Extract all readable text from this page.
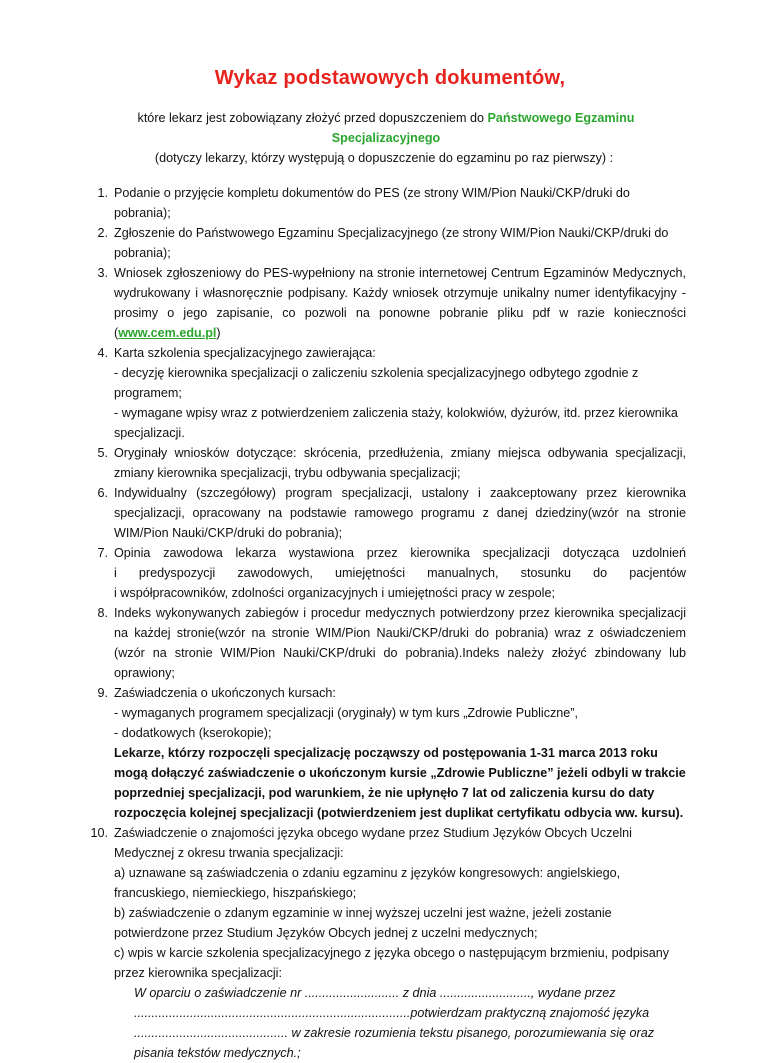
Wykaz podstawowych dokumentów,
które lekarz jest zobowiązany złożyć przed dopuszczeniem do Państwowego Egzaminu Specjalizacyjnego
(dotyczy lekarzy, którzy występują o dopuszczenie do egzaminu po raz pierwszy) :
1. Podanie o przyjęcie kompletu dokumentów do PES (ze strony WIM/Pion Nauki/CKP/druki do pobrania);
2. Zgłoszenie do Państwowego Egzaminu Specjalizacyjnego (ze strony WIM/Pion Nauki/CKP/druki do pobrania);
3. Wniosek zgłoszeniowy do PES-wypełniony na stronie internetowej Centrum Egzaminów Medycznych, wydrukowany i własnoręcznie podpisany. Każdy wniosek otrzymuje unikalny numer identyfikacyjny - prosimy o jego zapisanie, co pozwoli na ponowne pobranie pliku pdf w razie konieczności (www.cem.edu.pl)
4. Karta szkolenia specjalizacyjnego zawierająca:
- decyzję kierownika specjalizacji o zaliczeniu szkolenia specjalizacyjnego odbytego zgodnie z programem;
- wymagane wpisy wraz z potwierdzeniem zaliczenia staży, kolokwiów, dyżurów, itd. przez kierownika specjalizacji.
5. Oryginały wniosków dotyczące: skrócenia, przedłużenia, zmiany miejsca odbywania specjalizacji, zmiany kierownika specjalizacji, trybu odbywania specjalizacji;
6. Indywidualny (szczegółowy) program specjalizacji, ustalony i zaakceptowany przez kierownika specjalizacji, opracowany na podstawie ramowego programu z danej dziedziny(wzór na stronie WIM/Pion Nauki/CKP/druki do pobrania);
7. Opinia zawodowa lekarza wystawiona przez kierownika specjalizacji dotycząca uzdolnień
i predyspozycji zawodowych, umiejętności manualnych, stosunku do pacjentów
i współpracowników, zdolności organizacyjnych i umiejętności pracy w zespole;
8. Indeks wykonywanych zabiegów i procedur medycznych potwierdzony przez kierownika specjalizacji na każdej stronie(wzór na stronie WIM/Pion Nauki/CKP/druki do pobrania) wraz z oświadczeniem (wzór na stronie WIM/Pion Nauki/CKP/druki do pobrania).Indeks należy złożyć zbindowany lub oprawiony;
9. Zaświadczenia o ukończonych kursach:
- wymaganych programem specjalizacji (oryginały) w tym kurs „Zdrowie Publiczne”,
- dodatkowych (kserokopie);
Lekarze, którzy rozpoczęli specjalizację począwszy od postępowania 1-31 marca 2013 roku mogą dołączyć zaświadczenie o ukończonym kursie „Zdrowie Publiczne” jeżeli odbyli w trakcie poprzedniej specjalizacji, pod warunkiem, że nie upłynęło 7 lat od zaliczenia kursu do daty rozpoczęcia kolejnej specjalizacji (potwierdzeniem jest duplikat certyfikatu odbycia ww. kursu).
10. Zaświadczenie o znajomości języka obcego wydane przez Studium Języków Obcych Uczelni Medycznej z okresu trwania specjalizacji:
a) uznawane są zaświadczenia o zdaniu egzaminu z języków kongresowych: angielskiego, francuskiego, niemieckiego, hiszpańskiego;
b) zaświadczenie o zdanym egzaminie w innej wyższej uczelni jest ważne, jeżeli zostanie potwierdzone przez Studium Języków Obcych jednej z uczelni medycznych;
c) wpis w karcie szkolenia specjalizacyjnego z języka obcego o następującym brzmieniu, podpisany przez kierownika specjalizacji:
W oparciu o zaświadczenie nr ........................... z dnia .........................., wydane przez
...............................................................................potwierdzam praktyczną znajomość języka
............................................ w zakresie rozumienia tekstu pisanego, porozumiewania się oraz
pisania tekstów medycznych.;
